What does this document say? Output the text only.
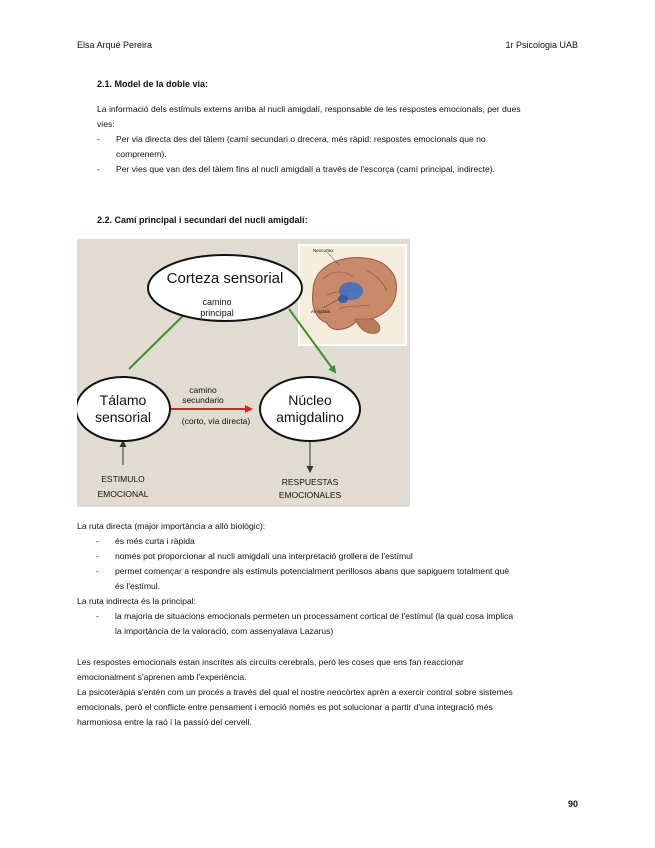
Elsa Arqué Pereira	1r Psicologia UAB
2.1. Model de la doble via:
La informació dels estímuls externs arriba al nucli amigdalí, responsable de les respostes emocionals, per dues
vies:
- Per via directa des del tàlem (camí secundari o drecera, més ràpid: respostes emocionals que no
comprenem).
- Per vies que van des del tàlem fins al nucli amigdalí a través de l'escorça (camí principal, indirecte).
2.2. Camí principal i secundari del nucli amigdalí:
Neocortex
Amígdala
Corteza sensorial
camino
principal
Tálamo
sensorial
Núcleo
amigdalino
camino
secundario
(corto, vía directa)
ESTIMULO
EMOCIONAL
RESPUESTAS
EMOCIONALES
La ruta directa (major importància a allò biològic):
- és més curta i ràpida
- només pot proporcionar al nucli amigdalí una interpretació grollera de l'estímul
- permet començar a respondre als estímuls potencialment perillosos abans que sapiguem totalment què
és l'estímul.
La ruta indirecta és la principal:
- la majoria de situacions emocionals permeten un processament cortical de l'estímul (la qual cosa implica
la importància de la valoració, com assenyalava Lazarus)
Les respostes emocionals estan inscrites als circuits cerebrals, però les coses que ens fan reaccionar
emocionalment s'aprenen amb l'experiència.
La psicoteràpia s'entén com un procés a través del qual el nostre neocòrtex aprèn a exercir control sobre sistemes
emocionals, però el conflicte entre pensament i emoció només es pot solucionar a partir d'una integració més
harmoniosa entre la raó i la passió del cervell.
90
